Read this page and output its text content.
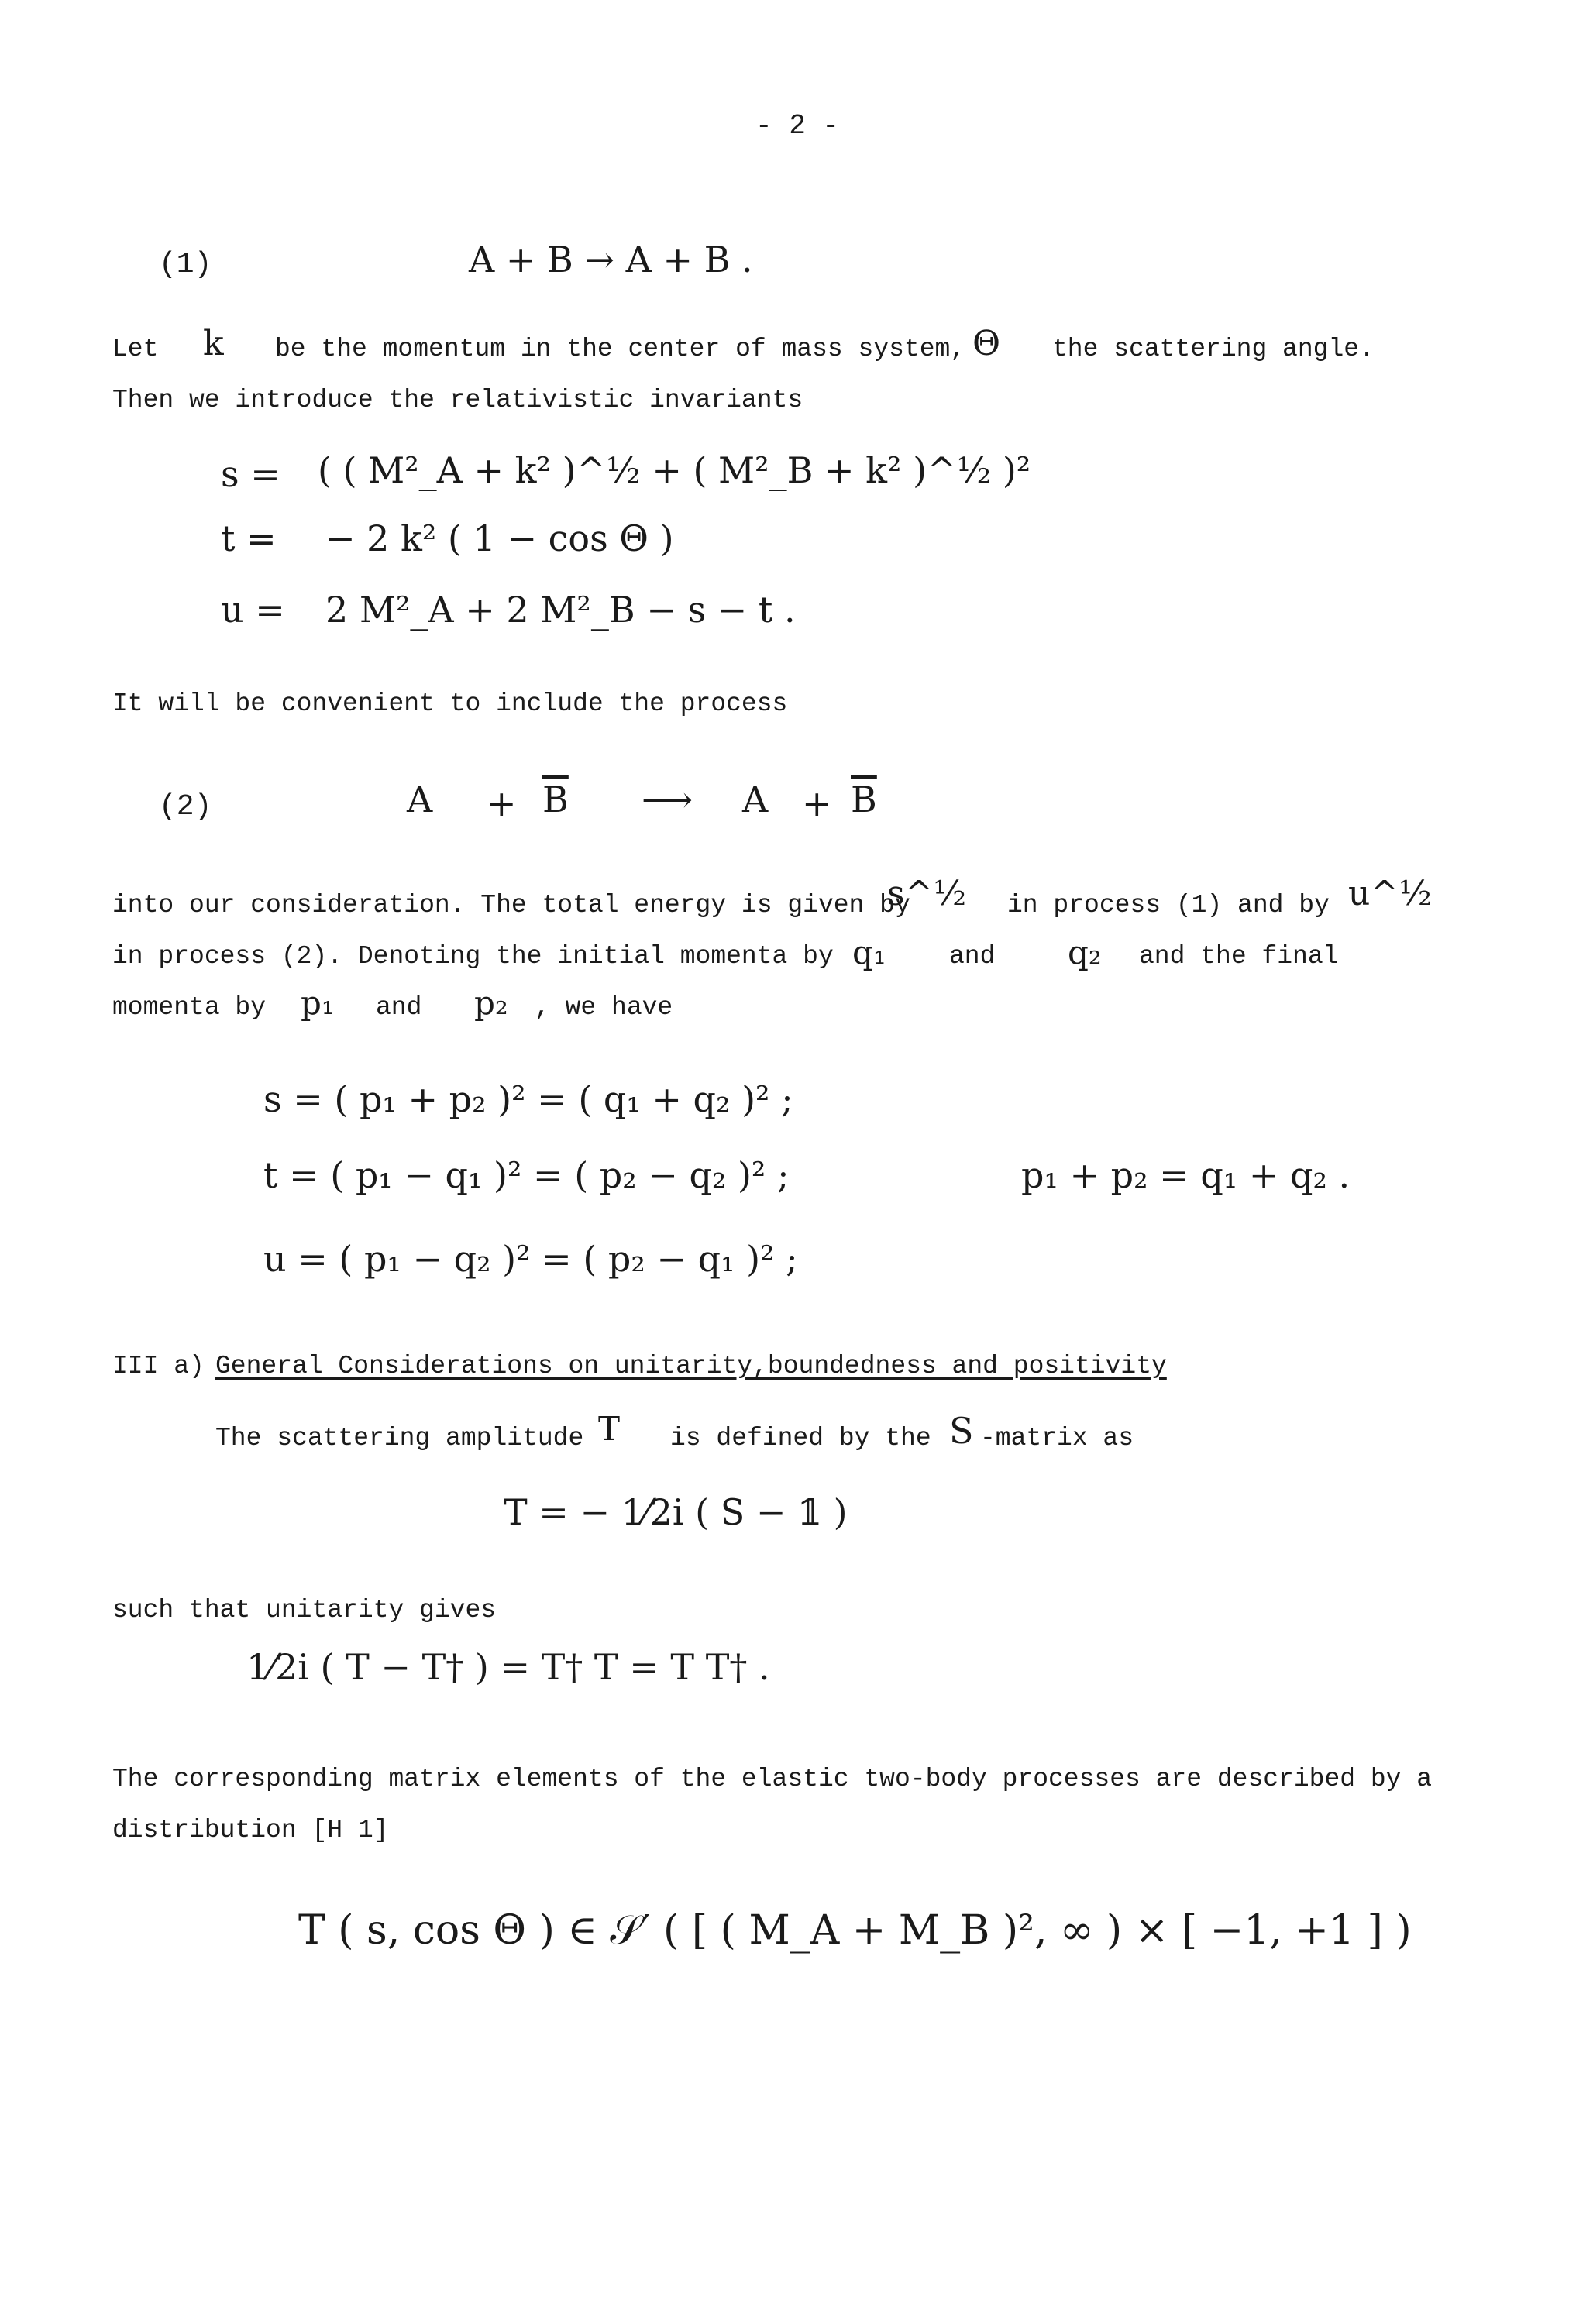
- 2 -
(1)	A + B → A + B .
Let k be the momentum in the center of mass system, Θ the scattering angle.
Then we introduce the relativistic invariants
s = ( ( M²_A + k² )^½ + ( M²_B + k² )^½ )²
t = − 2 k² ( 1 − cos Θ )
u = 2 M²_A + 2 M²_B − s − t .
It will be convenient to include the process
(2)	$A + \overline{B}$ ⟶ $A + \overline{B}$
into our consideration. The total energy is given by
s^½ in process (1) and by u^½
in process (2). Denoting the initial momenta by q₁ and q₂ and the final
momenta by p₁ and p₂ , we have
s = ( p₁ + p₂ )² = ( q₁ + q₂ )² ;
t = ( p₁ − q₁ )² = ( p₂ − q₂ )² ;	p₁ + p₂ = q₁ + q₂ .
u = ( p₁ − q₂ )² = ( p₂ − q₁ )² ;
III a) General Considerations on unitarity,boundedness and positivity
The scattering amplitude T is defined by the S -matrix as
T = − 1⁄2i ( S − 𝟙 )
such that unitarity gives
1⁄2i ( T − T† ) = T† T = T T† .
The corresponding matrix elements of the elastic two-body processes are described by a
distribution [H 1]
T ( s, cos Θ ) ∈ 𝒮′ ( [ ( M_A + M_B )², ∞ ) × [ −1, +1 ] )
